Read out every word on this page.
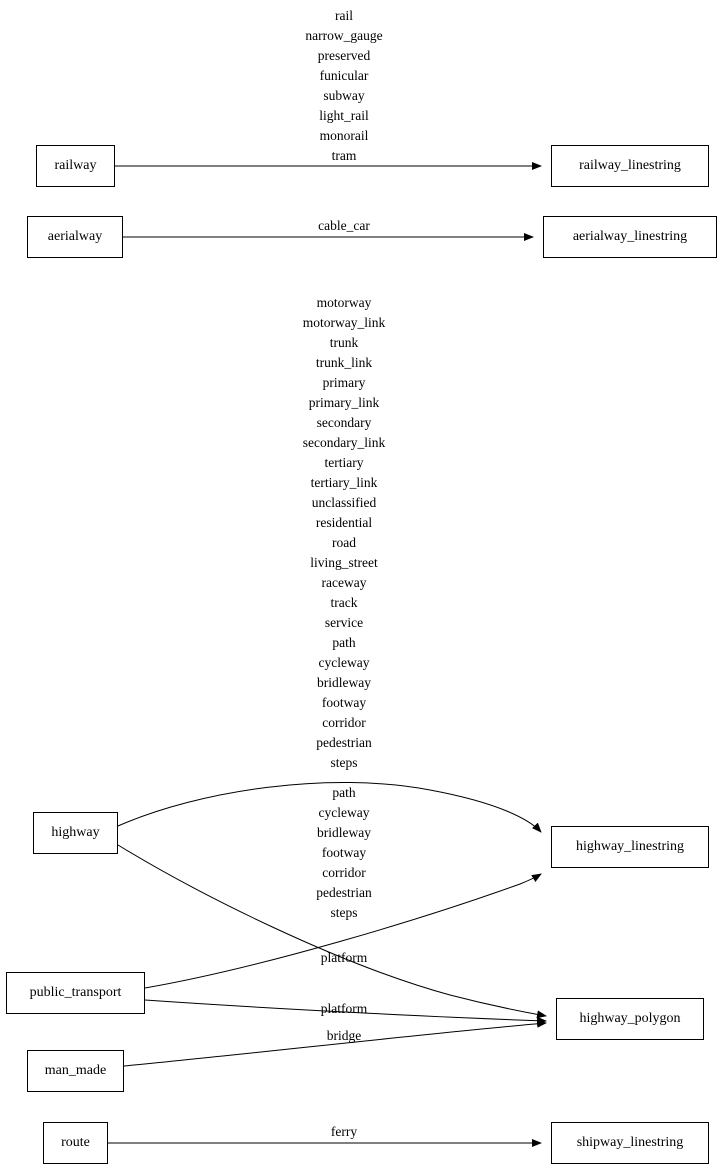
railway	railway_linestring
aerialway	aerialway_linestring
highway
highway_linestring
public_transport
highway_polygon
man_made
route	shipway_linestring
rail
narrow_gauge
preserved
funicular
subway
light_rail
monorail
tram
cable_car
motorway
motorway_link
trunk
trunk_link
primary
primary_link
secondary
secondary_link
tertiary
tertiary_link
unclassified
residential
road
living_street
raceway
track
service
path
cycleway
bridleway
footway
corridor
pedestrian
steps
path
cycleway
bridleway
footway
corridor
pedestrian
steps
platform
platform
bridge
ferry
